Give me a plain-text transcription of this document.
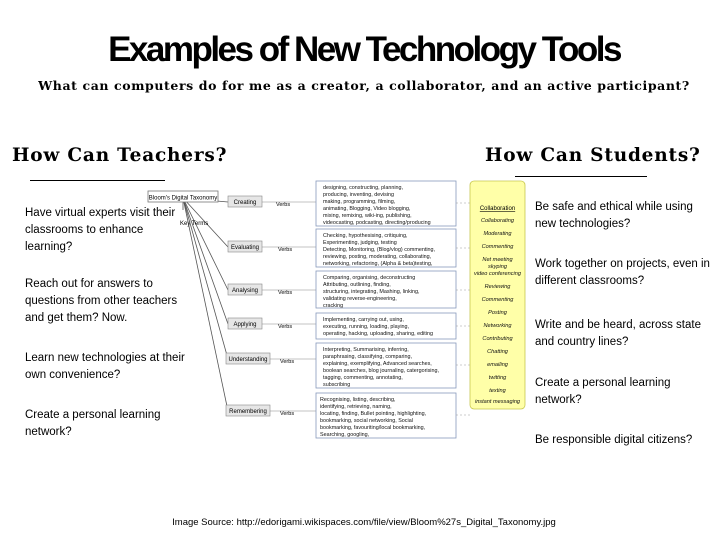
Examples of New Technology Tools
What can computers do for me as a creator, a collaborator, and an active participant?
How Can Teachers?	How Can Students?
Have virtual experts visit their classrooms to enhance learning?
Reach out for answers to questions from other teachers and get them? Now.
Learn new technologies at their own convenience?
Create a personal learning network?
Be safe and ethical while using new technologies?
Work together on projects, even in different classrooms?
Write and be heard, across state and country lines?
Create a personal learning network?
Be responsible digital citizens?
Bloom's Digital Taxonomy
Key Terms
Creating	Verbs
Evaluating	Verbs
Analysing	Verbs
Applying	Verbs
Understanding Verbs
Remembering Verbs
designing, constructing, planning,
producing, inventing, devising
making, programming, filming,
animating, Blogging, Video blogging,
mixing, remixing, wiki-ing, publishing,
videocasting, podcasting, directing/producing
Checking, hypothesising, critiquing,
Experimenting, judging, testing
Detecting, Monitoring, (Blog/vlog) commenting,
reviewing, posting, moderating, collaborating,
networking, refactoring, (Alpha & beta)testing,
Comparing, organising, deconstructing
Attributing, outlining, finding,
structuring, integrating, Mashing, linking,
validating reverse-engineering,
cracking
Implementing, carrying out, using,
executing, running, loading, playing,
operating, hacking, uploading, sharing, editing
Interpreting, Summarising, inferring,
paraphrasing, classifying, comparing,
explaining, exemplifying, Advanced searches,
boolean searches, blog journaling, catergorising,
tagging, commenting, annotating,
subscribing
Recognising, listing, describing,
identifying, retrieving, naming,
locating, finding, Bullet pointing, highlighting,
bookmarking, social networking, Social
bookmarking, favouriting/local bookmarking,
Searching, googling,
Collaboration
Collaborating
Moderating
Commenting
Net meeting
skyping
video conferencing
Reviewing
Commenting
Posting
Networking
Contributing
Chatting
emailing
twitting
texting
instant messaging
Image Source: http://edorigami.wikispaces.com/file/view/Bloom%27s_Digital_Taxonomy.jpg
